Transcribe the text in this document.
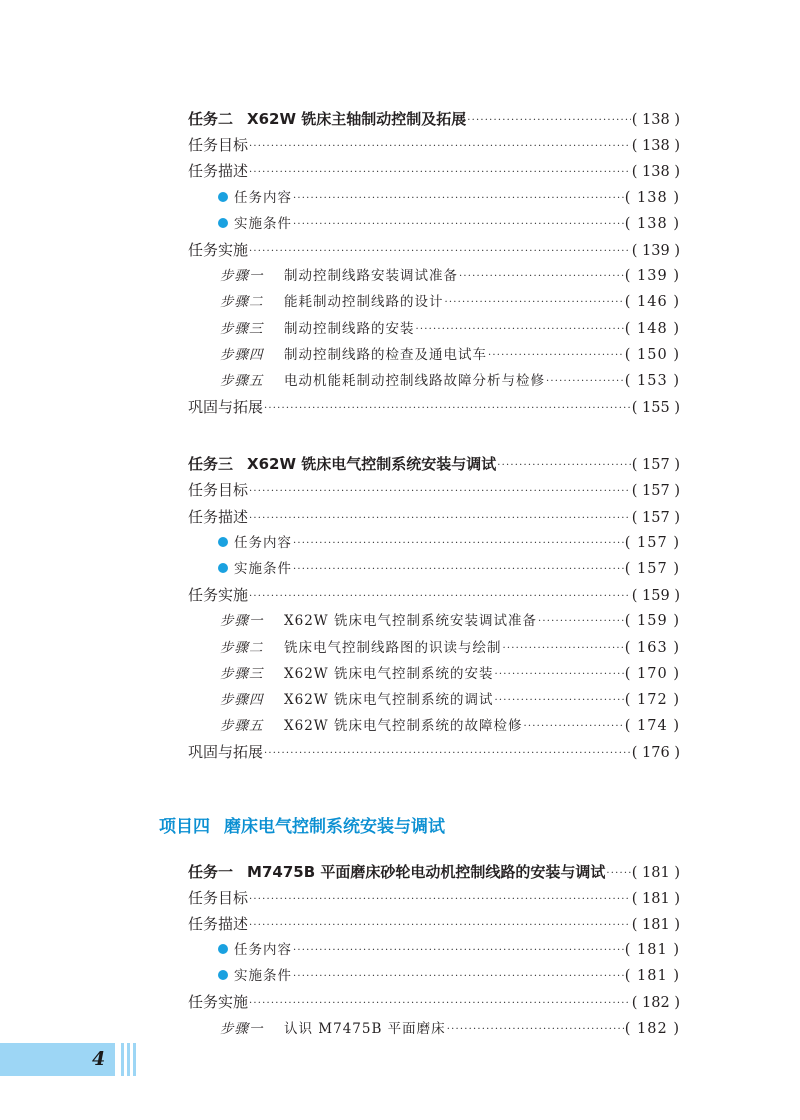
任务二 X62W 铣床主轴制动控制及拓展 ·····	( 138 )
任务目标 ·····	( 138 )
任务描述 ·····	( 138 )
任务内容 ·····	( 138 )
实施条件 ·····	( 138 )
任务实施 ·····	( 139 )
步骤一 制动控制线路安装调试准备 ·····	( 139 )
步骤二 能耗制动控制线路的设计 ·····	( 146 )
步骤三 制动控制线路的安装 ·····	( 148 )
步骤四 制动控制线路的检查及通电试车 ·····	( 150 )
步骤五 电动机能耗制动控制线路故障分析与检修 ·····	( 153 )
巩固与拓展 ·····	( 155 )
任务三 X62W 铣床电气控制系统安装与调试 ·····	( 157 )
任务目标 ·····	( 157 )
任务描述 ·····	( 157 )
任务内容 ·····	( 157 )
实施条件 ·····	( 157 )
任务实施 ·····	( 159 )
步骤一 X62W 铣床电气控制系统安装调试准备 ·····	( 159 )
步骤二 铣床电气控制线路图的识读与绘制 ·····	( 163 )
步骤三 X62W 铣床电气控制系统的安装 ·····	( 170 )
步骤四 X62W 铣床电气控制系统的调试 ·····	( 172 )
步骤五 X62W 铣床电气控制系统的故障检修 ·····	( 174 )
巩固与拓展 ·····	( 176 )
任务一 M7475B 平面磨床砂轮电动机控制线路的安装与调试 ····· ( 181 )
任务目标 ·····	( 181 )
任务描述 ·····	( 181 )
任务内容 ·····	( 181 )
实施条件 ·····	( 181 )
任务实施 ·····	( 182 )
步骤一 认识 M7475B 平面磨床 ·····	( 182 )
项目四 磨床电气控制系统安装与调试
4
